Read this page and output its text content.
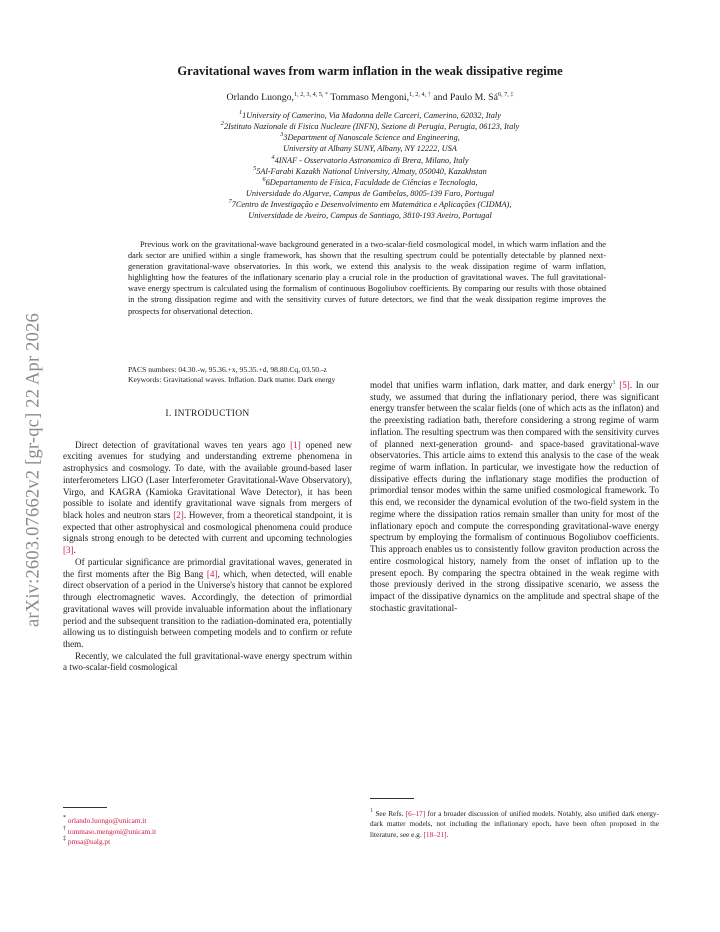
arXiv:2603.07662v2 [gr-qc] 22 Apr 2026
Gravitational waves from warm inflation in the weak dissipative regime
Orlando Luongo,$^{1, 2, 3, 4, 5,}$ * Tommaso Mengoni,$^{1, 2, 4,}$ † and Paulo M. $Sá^{6, 7,}$ ‡
$^1$1University of Camerino, Via Madonna delle Carceri, Camerino, 62032, Italy
$^2$2Istituto Nazionale di Fisica Nucleare (INFN), Sezione di Perugia, Perugia, 06123, Italy
$^3$3Department of Nanoscale Science and Engineering,
University at Albany SUNY, Albany, NY 12222, USA
$^4$4INAF - Osservatorio Astronomico di Brera, Milano, Italy
$^5$5Al-Farabi Kazakh National University, Almaty, 050040, Kazakhstan
$^6$6Departamento de Física, Faculdade de Ciências e Tecnologia,
Universidade do Algarve, Campus de Gambelas, 8005-139 Faro, Portugal
$^7$7Centro de Investigação e Desenvolvimento em Matemática e Aplicações (CIDMA),
Universidade de Aveiro, Campus de Santiago, 3810-193 Aveiro, Portugal

Previous work on the gravitational-wave background generated in a two-scalar-field cosmological model, in which warm inflation and the dark sector are unified within a single framework, has shown that the resulting spectrum could be potentially detectable by planned next-generation gravitational-wave observatories. In this work, we extend this analysis to the weak dissipation regime of warm inflation, highlighting how the features of the inflationary scenario play a crucial role in the production of gravitational waves. The full gravitational-wave energy spectrum is calculated using the formalism of continuous Bogoliubov coefficients. By comparing our results with those obtained in the strong dissipation regime and with the sensitivity curves of future detectors, we find that the weak dissipation regime improves the prospects for observational detection.

PACS numbers: 04.30.-w, 95.36.+x, 95.35.+d, 98.80.Cq, 03.50.-z
Keywords: Gravitational waves. Inflation. Dark matter. Dark energy
I. INTRODUCTION

Direct detection of gravitational waves ten years ago [1] opened new exciting avenues for studying and understanding extreme phenomena in astrophysics and cosmology. To date, with the available ground-based laser interferometers LIGO (Laser Interferometer Gravitational-Wave Observatory), Virgo, and KAGRA (Kamioka Gravitational Wave Detector), it has been possible to isolate and identify gravitational wave signals from mergers of black holes and neutron stars [2]. However, from a theoretical standpoint, it is expected that other astrophysical and cosmological phenomena could produce signals strong enough to be detected with current and upcoming technologies [3].

Of particular significance are primordial gravitational waves, generated in the first moments after the Big Bang [4], which, when detected, will enable direct observation of a period in the Universe's history that cannot be explored through electromagnetic waves. Accordingly, the detection of primordial gravitational waves will provide invaluable information about the inflationary period and the subsequent transition to the radiation-dominated era, potentially allowing us to distinguish between competing models and to confirm or refute them.

Recently, we calculated the full gravitational-wave energy spectrum within a two-scalar-field cosmological

model that unifies warm inflation, dark matter, and dark energy$^1$ [5]. In our study, we assumed that during the inflationary period, there was significant energy transfer between the scalar fields (one of which acts as the inflaton) and the preexisting radiation bath, therefore considering a strong regime of warm inflation. The resulting spectrum was then compared with the sensitivity curves of planned next-generation ground- and space-based gravitational-wave observatories. This article aims to extend this analysis to the case of the weak regime of warm inflation. In particular, we investigate how the reduction of dissipative effects during the inflationary stage modifies the production of primordial tensor modes within the same unified cosmological framework. To this end, we reconsider the dynamical evolution of the two-field system in the regime where the dissipation ratios remain smaller than unity for most of the inflationary epoch and compute the corresponding gravitational-wave energy spectrum by employing the formalism of continuous Bogoliubov coefficients. This approach enables us to consistently follow graviton production across the entire cosmological history, namely from the onset of inflation up to the present epoch. By comparing the spectra obtained in the weak regime with those previously derived in the strong dissipative scenario, we assess the impact of the dissipative dynamics on the amplitude and spectral shape of the stochastic gravitational-

* orlando.luongo@unicam.it
† tommaso.mengoni@unicam.it
‡ pmsa@ualg.pt
$^1$ See Refs. [6–17] for a broader discussion of unified models. Notably, also unified dark energy-dark matter models, not including the inflationary epoch, have been often proposed in the literature, see e.g. [18–21].
